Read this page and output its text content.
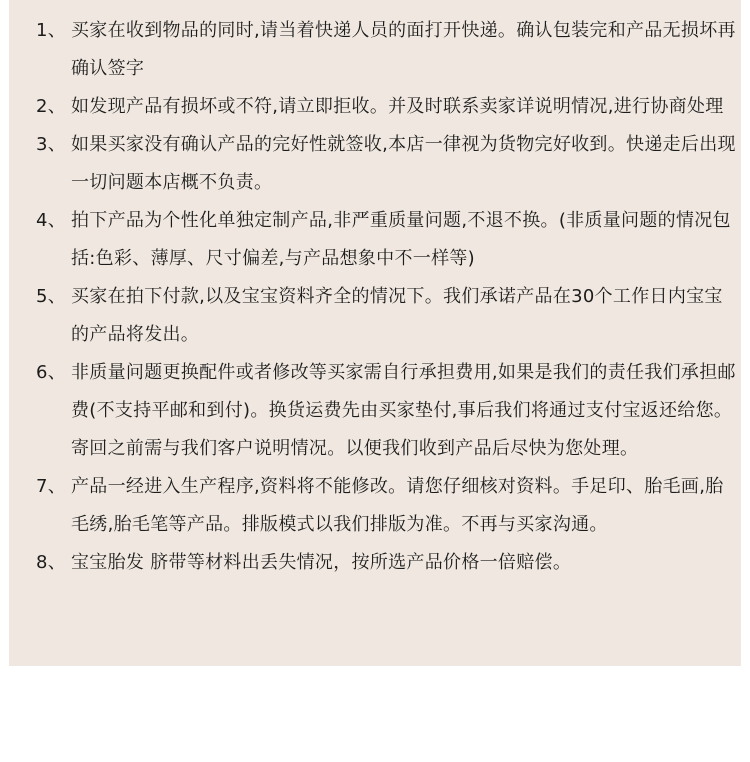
1、 买家在收到物品的同时,请当着快递人员的面打开快递。确认包装完和产品无损坏再确认签字
2、 如发现产品有损坏或不符,请立即拒收。并及时联系卖家详说明情况,进行协商处理
3、 如果买家没有确认产品的完好性就签收,本店一律视为货物完好收到。快递走后出现一切问题本店概不负责。
4、 拍下产品为个性化单独定制产品,非严重质量问题,不退不换。(非质量问题的情况包括:色彩、薄厚、尺寸偏差,与产品想象中不一样等)
5、 买家在拍下付款,以及宝宝资料齐全的情况下。我们承诺产品在30个工作日内宝宝的产品将发出。
6、 非质量问题更换配件或者修改等买家需自行承担费用,如果是我们的责任我们承担邮费(不支持平邮和到付)。换货运费先由买家垫付,事后我们将通过支付宝返还给您。寄回之前需与我们客户说明情况。以便我们收到产品后尽快为您处理。
7、 产品一经进入生产程序,资料将不能修改。请您仔细核对资料。手足印、胎毛画,胎毛绣,胎毛笔等产品。排版模式以我们排版为准。不再与买家沟通。
8、 宝宝胎发 脐带等材料出丢失情况，按所选产品价格一倍赔偿。
